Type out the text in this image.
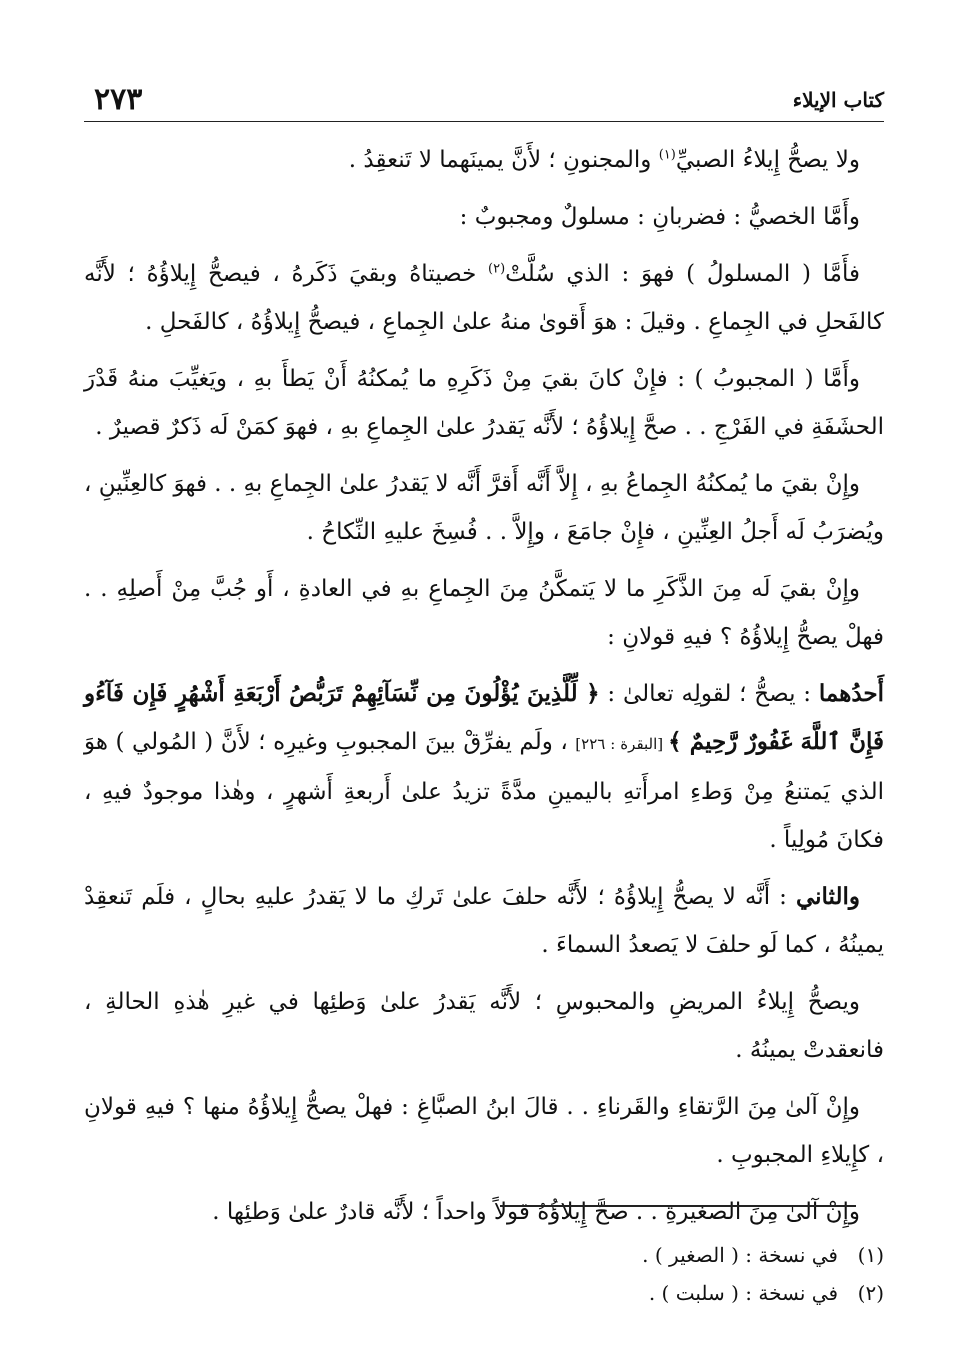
كتاب الإيلاء
٢٧٣

ولا يصحُّ إِيلاءُ الصبيِّ$^{(١)}$ والمجنونِ ؛ لأَنَّ يمينَهما لا تَنعقِدُ .

وأَمَّا الخصيُّ : فضربانِ : مسلولٌ ومجبوبٌ :

فأَمَّا ( المسلولُ ) فهوَ : الذي سُلَّتْ$^{(٢)}$ خصيتاهُ وبقيَ ذَكَرهُ ، فيصحُّ إِيلاؤُهُ ؛ لأَنَّه كالفَحلِ في الجِماعِ . وقيلَ : هوَ أَقوىٰ منهُ علىٰ الجِماعِ ، فيصحُّ إِيلاؤُهُ ، كالفَحلِ .

وأَمَّا ( المجبوبُ ) : فإِنْ كانَ بقيَ مِنْ ذَكَرِهِ ما يُمكنُهُ أَنْ يَطأَ بهِ ، ويَغيِّبَ منهُ قَدْرَ الحشَفَةِ في الفَرْجِ . . صحَّ إِيلاؤُهُ ؛ لأَنَّه يَقدرُ علىٰ الجِماعِ بهِ ، فهوَ كمَنْ لَه ذَكرٌ قصيرٌ .

وإِنْ بقيَ ما يُمكنُهُ الجِماعُ بهِ ، إِلاَّ أَنَّه أَقرَّ أَنَّه لا يَقدرُ علىٰ الجِماعِ بهِ . . فهوَ كالعِنِّينِ ، ويُضرَبُ لَه أَجلُ العِنِّينِ ، فإِنْ جامَعَ ، وإِلاَّ . . فُسِخَ عليهِ النِّكاحُ .

وإِنْ بقيَ لَه مِنَ الذَّكَرِ ما لا يَتمكَّنُ مِنَ الجِماعِ بهِ في العادةِ ، أَو جُبَّ مِنْ أَصلِهِ . . فهلْ يصحُّ إِيلاؤُهُ ؟ فيهِ قولانِ :

أَحدُهما : يصحُّ ؛ لقولِه تعالىٰ : ﴿ لِّلَّذِينَ يُؤْلُونَ مِن نِّسَآئِهِمْ تَرَبُّصُ أَرْبَعَةِ أَشْهُرٍ فَإِن فَآءُو فَإِنَّ ٱللَّهَ غَفُورٌ رَّحِيمٌ ﴾ [البقرة : ٢٢٦] ، ولَم يفرِّقْ بينَ المجبوبِ وغيرِه ؛ لأَنَّ ( المُولي ) هوَ الذي يَمتنعُ مِنْ وَطءِ امرأَتهِ باليمينِ مدَّةً تزيدُ علىٰ أَربعةِ أَشهرٍ ، وهٰذا موجودٌ فيهِ ، فكانَ مُولِياً .

والثاني : أَنَّه لا يصحُّ إِيلاؤُهُ ؛ لأَنَّه حلفَ علىٰ تَركِ ما لا يَقدرُ عليهِ بحالٍ ، فلَم تَنعقِدْ يمينُهُ ، كما لَو حلفَ لا يَصعدُ السماءَ .

ويصحُّ إِيلاءُ المريضِ والمحبوسِ ؛ لأَنَّه يَقدرُ علىٰ وَطئِها في غيرِ هٰذهِ الحالةِ ، فانعقدتْ يمينُهُ .

وإِنْ آلىٰ مِنَ الرَّتقاءِ والقَرناءِ . . قالَ ابنُ الصبَّاغِ : فهلْ يصحُّ إِيلاؤُهُ منها ؟ فيهِ قولانِ ، كإِيلاءِ المجبوبِ .

وإِنْ آلىٰ مِنَ الصغيرةِ . . صحَّ إِيلاؤُهُ قولاً واحداً ؛ لأَنَّه قادرٌ علىٰ وَطئِها .

(١)في نسخة : ( الصغير ) .
(٢)في نسخة : ( سلبت ) .
